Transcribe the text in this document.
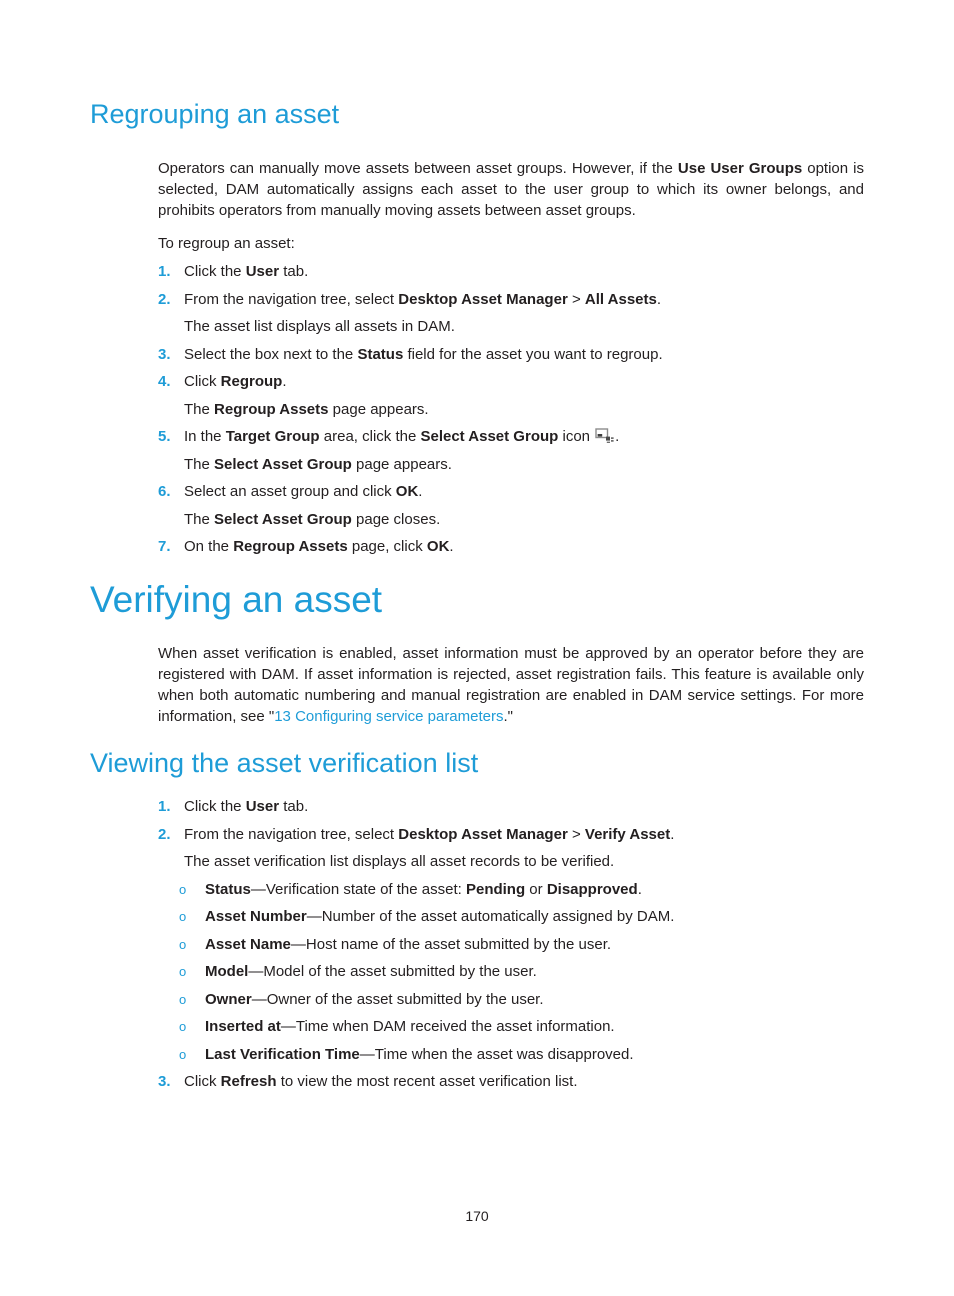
Regrouping an asset

Operators can manually move assets between asset groups. However, if the Use User Groups option is selected, DAM automatically assigns each asset to the user group to which its owner belongs, and prohibits operators from manually moving assets between asset groups.

To regroup an asset:

1. Click the User tab.
2. From the navigation tree, select Desktop Asset Manager > All Assets.
The asset list displays all assets in DAM.
3. Select the box next to the Status field for the asset you want to regroup.
4. Click Regroup.
The Regroup Assets page appears.
5. In the Target Group area, click the Select Asset Group icon .
The Select Asset Group page appears.
6. Select an asset group and click OK.
The Select Asset Group page closes.
7. On the Regroup Assets page, click OK.
Verifying an asset

When asset verification is enabled, asset information must be approved by an operator before they are registered with DAM. If asset information is rejected, asset registration fails. This feature is available only when both automatic numbering and manual registration are enabled in DAM service settings. For more information, see "13 Configuring service parameters."

Viewing the asset verification list
1. Click the User tab.
2. From the navigation tree, select Desktop Asset Manager > Verify Asset.
The asset verification list displays all asset records to be verified.
o	Status—Verification state of the asset: Pending or Disapproved.
o	Asset Number—Number of the asset automatically assigned by DAM.
o	Asset Name—Host name of the asset submitted by the user.
o	Model—Model of the asset submitted by the user.
o	Owner—Owner of the asset submitted by the user.
o	Inserted at—Time when DAM received the asset information.
o	Last Verification Time—Time when the asset was disapproved.
3. Click Refresh to view the most recent asset verification list.
170
